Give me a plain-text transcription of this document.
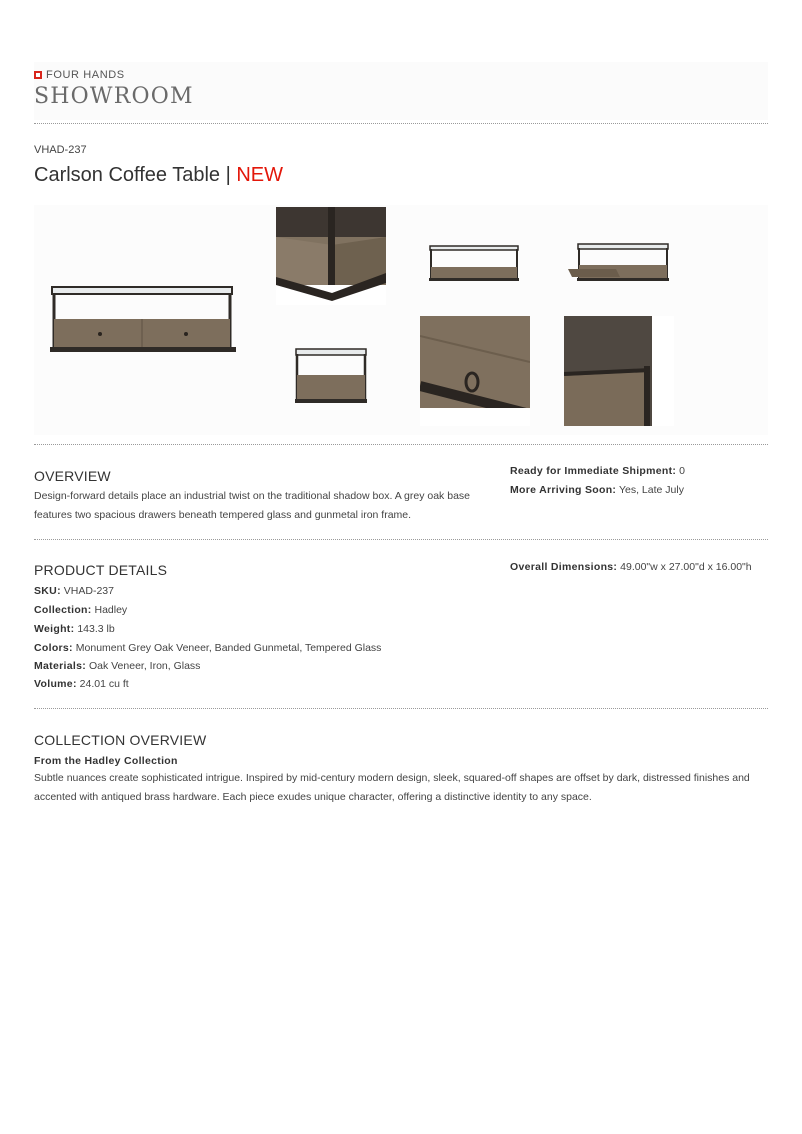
FOUR HANDS
SHOWROOM
VHAD-237
Carlson Coffee Table | NEW
OVERVIEW
Design-forward details place an industrial twist on the traditional shadow box. A grey oak base features two spacious drawers beneath tempered glass and gunmetal iron frame.
Ready for Immediate Shipment: 0
More Arriving Soon: Yes, Late July
PRODUCT DETAILS
SKU: VHAD-237
Collection: Hadley
Weight: 143.3 lb
Colors: Monument Grey Oak Veneer, Banded Gunmetal, Tempered Glass
Materials: Oak Veneer, Iron, Glass
Volume: 24.01 cu ft
Overall Dimensions: 49.00"w x 27.00"d x 16.00"h
COLLECTION OVERVIEW
From the Hadley Collection
Subtle nuances create sophisticated intrigue. Inspired by mid-century modern design, sleek, squared-off shapes are offset by dark, distressed finishes and accented with antiqued brass hardware. Each piece exudes unique character, offering a distinctive identity to any space.
